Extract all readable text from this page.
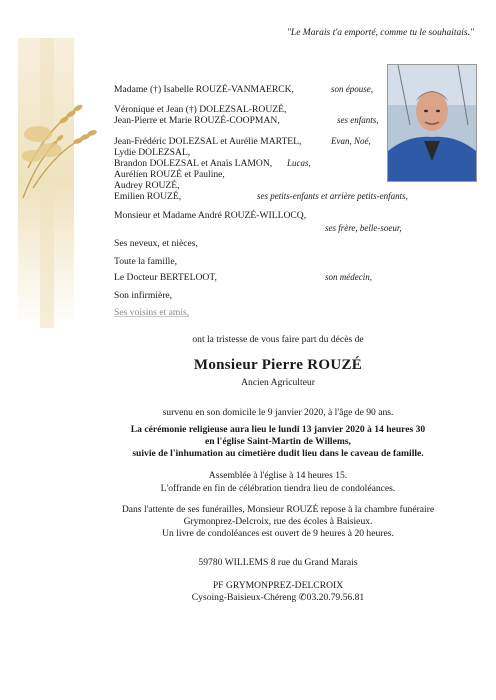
"Le Marais t'a emporté, comme tu le souhaitais."
Madame (†) Isabelle ROUZÉ-VANMAERCK,	son épouse,
Véronique et Jean (†) DOLEZSAL-ROUZÉ,
Jean-Pierre et Marie ROUZÉ-COOPMAN,	ses enfants,
Jean-Frédéric DOLEZSAL et Aurélie MARTEL,	Evan, Noé,
Lydie DOLEZSAL,
Brandon DOLEZSAL et Anaïs LAMON, Lucas,
Aurélien ROUZÉ et Pauline,
Audrey ROUZÉ,
Emilien ROUZÉ,	ses petits-enfants et arrière petits-enfants,
Monsieur et Madame André ROUZÉ-WILLOCQ,
ses frère, belle-soeur,
Ses neveux, et nièces,
Toute la famille,
Le Docteur BERTELOOT,	son médecin,
Son infirmière,
Ses voisins et amis,
ont la tristesse de vous faire part du décès de
Monsieur Pierre ROUZÉ
Ancien Agriculteur
survenu en son domicile le 9 janvier 2020, à l'âge de 90 ans.
La cérémonie religieuse aura lieu le lundi 13 janvier 2020 à 14 heures 30
en l'église Saint-Martin de Willems,
suivie de l'inhumation au cimetière dudit lieu dans le caveau de famille.
Assemblée à l'église à 14 heures 15.
L'offrande en fin de célébration tiendra lieu de condoléances.
Dans l'attente de ses funérailles, Monsieur ROUZÉ repose à la chambre funéraire
Grymonprez-Delcroix, rue des écoles à Baisieux.
Un livre de condoléances est ouvert de 9 heures à 20 heures.
59780 WILLEMS 8 rue du Grand Marais
PF GRYMONPREZ-DELCROIX
Cysoing-Baisieux-Chéreng ✆03.20.79.56.81
